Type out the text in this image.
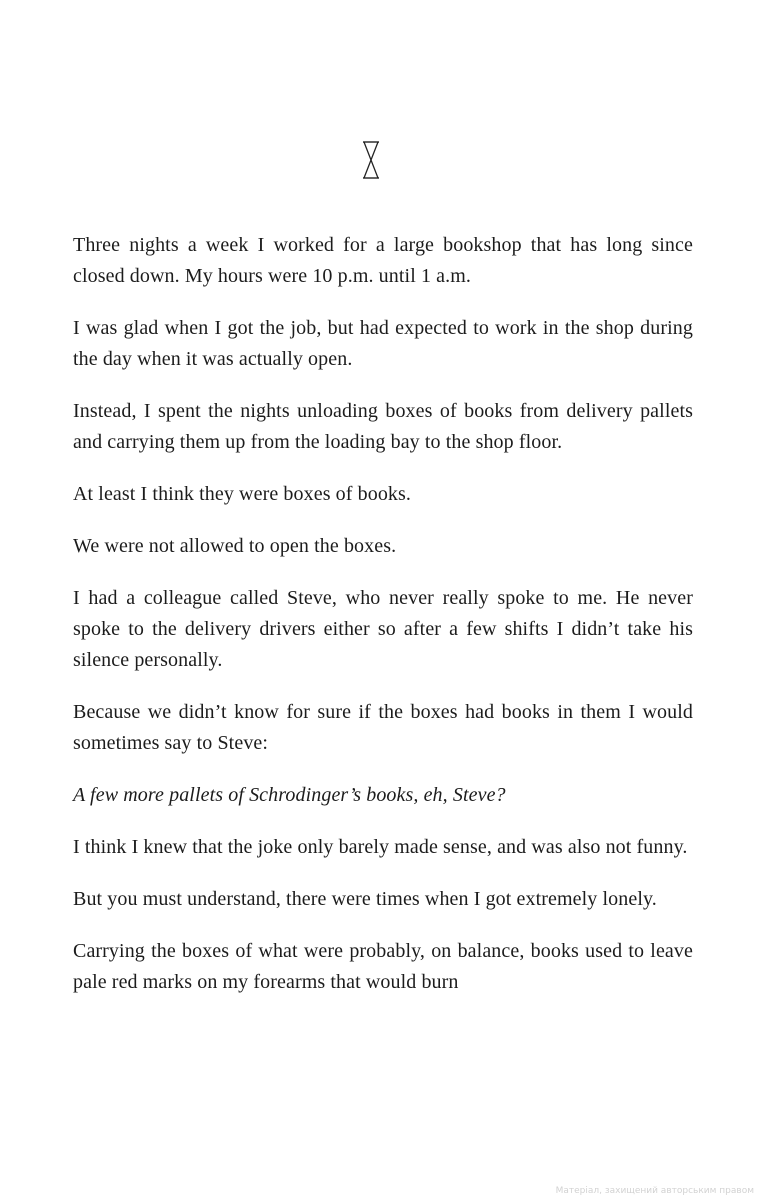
Three nights a week I worked for a large bookshop that has long since closed down. My hours were 10 p.m. until 1 a.m.

I was glad when I got the job, but had expected to work in the shop during the day when it was actually open.

Instead, I spent the nights unloading boxes of books from delivery pallets and carrying them up from the loading bay to the shop floor.

At least I think they were boxes of books.

We were not allowed to open the boxes.

I had a colleague called Steve, who never really spoke to me. He never spoke to the delivery drivers either so after a few shifts I didn’t take his silence personally.

Because we didn’t know for sure if the boxes had books in them I would sometimes say to Steve:

A few more pallets of Schrodinger’s books, eh, Steve?

I think I knew that the joke only barely made sense, and was also not funny.

But you must understand, there were times when I got extremely lonely.

Carrying the boxes of what were probably, on balance, books used to leave pale red marks on my forearms that would burn

Матеріал, захищений авторським правом
